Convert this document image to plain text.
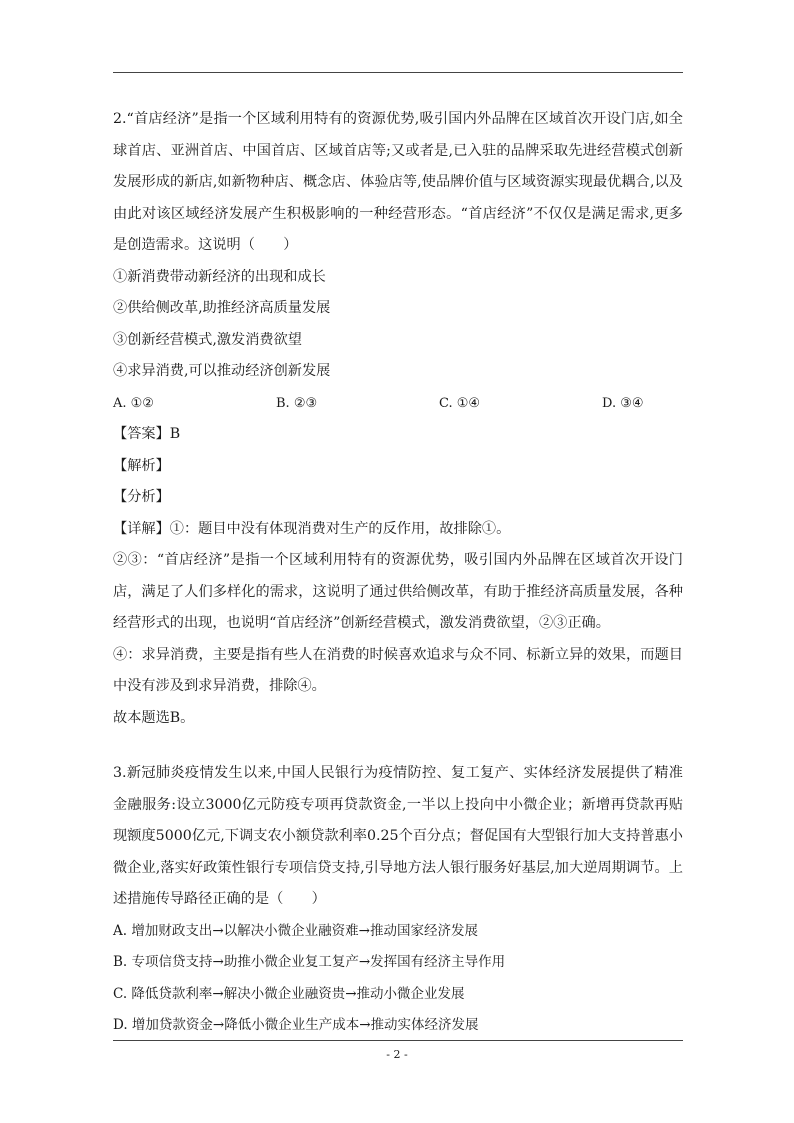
2.“首店经济”是指一个区域利用特有的资源优势,吸引国内外品牌在区域首次开设门店,如全球首店、亚洲首店、中国首店、区域首店等;又或者是,已入驻的品牌采取先进经营模式创新发展形成的新店,如新物种店、概念店、体验店等,使品牌价值与区域资源实现最优耦合,以及由此对该区域经济发展产生积极影响的一种经营形态。“首店经济”不仅仅是满足需求,更多是创造需求。这说明（　　）

①新消费带动新经济的出现和成长

②供给侧改革,助推经济高质量发展

③创新经营模式,激发消费欲望

④求异消费,可以推动经济创新发展

A. ①②	B. ②③	C. ①④	D. ③④

【答案】B

【解析】

【分析】

【详解】①：题目中没有体现消费对生产的反作用，故排除①。

②③：“首店经济”是指一个区域利用特有的资源优势，吸引国内外品牌在区域首次开设门店，满足了人们多样化的需求，这说明了通过供给侧改革，有助于推经济高质量发展，各种经营形式的出现，也说明“首店经济”创新经营模式，激发消费欲望，②③正确。

④：求异消费，主要是指有些人在消费的时候喜欢追求与众不同、标新立异的效果，而题目中没有涉及到求异消费，排除④。

故本题选B。

3.新冠肺炎疫情发生以来,中国人民银行为疫情防控、复工复产、实体经济发展提供了精准金融服务:设立3000亿元防疫专项再贷款资金,一半以上投向中小微企业；新增再贷款再贴现额度5000亿元,下调支农小额贷款利率0.25个百分点；督促国有大型银行加大支持普惠小微企业,落实好政策性银行专项信贷支持,引导地方法人银行服务好基层,加大逆周期调节。上述措施传导路径正确的是（　　）

A. 增加财政支出→以解决小微企业融资难→推动国家经济发展

B. 专项信贷支持→助推小微企业复工复产→发挥国有经济主导作用

C. 降低贷款利率→解决小微企业融资贵→推动小微企业发展

D. 增加贷款资金→降低小微企业生产成本→推动实体经济发展

- 2 -
